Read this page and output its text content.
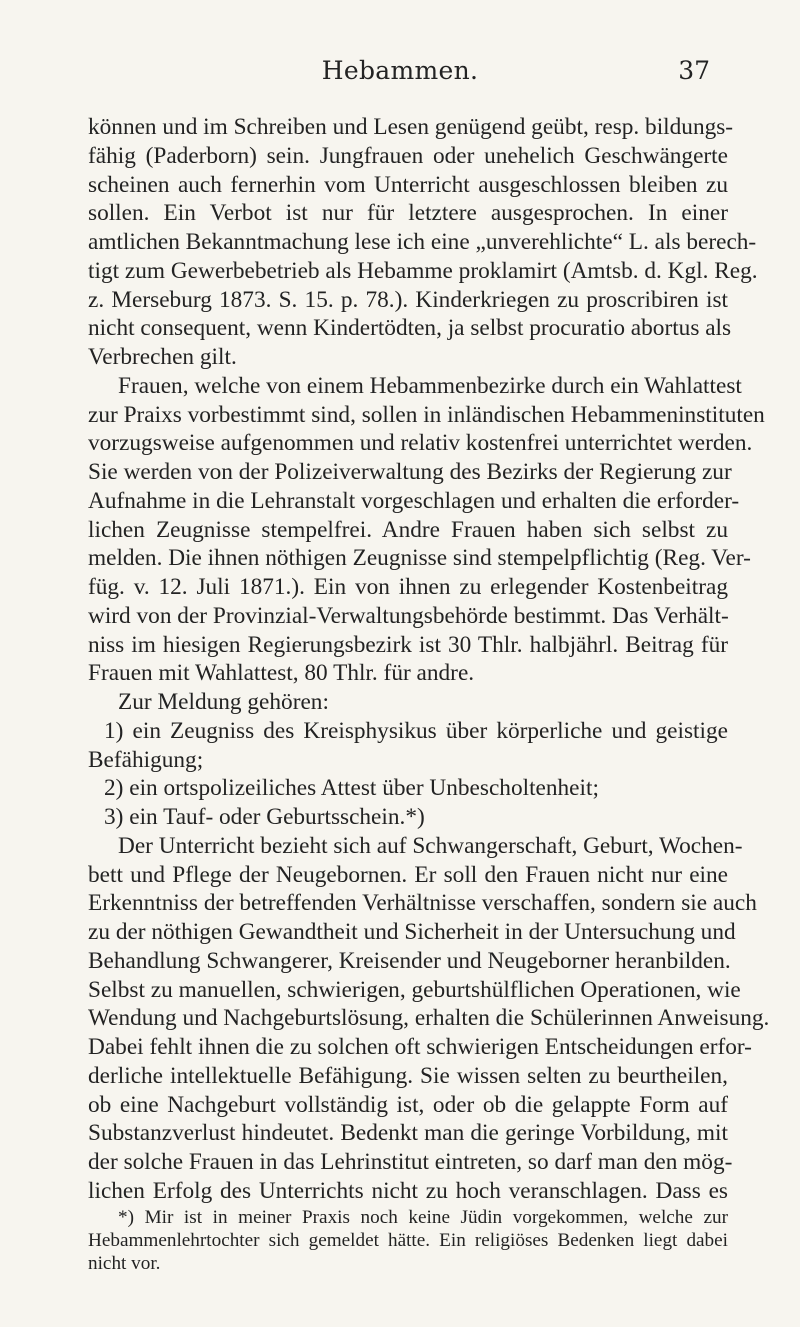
Hebammen.	37
können und im Schreiben und Lesen genügend geübt, resp. bildungs-
fähig (Paderborn) sein. Jungfrauen oder unehelich Geschwängerte
scheinen auch fernerhin vom Unterricht ausgeschlossen bleiben zu
sollen. Ein Verbot ist nur für letztere ausgesprochen. In einer
amtlichen Bekanntmachung lese ich eine „unverehlichte“ L. als berech-
tigt zum Gewerbebetrieb als Hebamme proklamirt (Amtsb. d. Kgl. Reg.
z. Merseburg 1873. S. 15. p. 78.). Kinderkriegen zu proscribiren ist
nicht consequent, wenn Kindertödten, ja selbst procuratio abortus als
Verbrechen gilt.
Frauen, welche von einem Hebammenbezirke durch ein Wahlattest
zur Praixs vorbestimmt sind, sollen in inländischen Hebammeninstituten
vorzugsweise aufgenommen und relativ kostenfrei unterrichtet werden.
Sie werden von der Polizeiverwaltung des Bezirks der Regierung zur
Aufnahme in die Lehranstalt vorgeschlagen und erhalten die erforder-
lichen Zeugnisse stempelfrei. Andre Frauen haben sich selbst zu
melden. Die ihnen nöthigen Zeugnisse sind stempelpflichtig (Reg. Ver-
füg. v. 12. Juli 1871.). Ein von ihnen zu erlegender Kostenbeitrag
wird von der Provinzial-Verwaltungsbehörde bestimmt. Das Verhält-
niss im hiesigen Regierungsbezirk ist 30 Thlr. halbjährl. Beitrag für
Frauen mit Wahlattest, 80 Thlr. für andre.
Zur Meldung gehören:
1) ein Zeugniss des Kreisphysikus über körperliche und geistige
Befähigung;
2) ein ortspolizeiliches Attest über Unbescholtenheit;
3) ein Tauf- oder Geburtsschein.*)
Der Unterricht bezieht sich auf Schwangerschaft, Geburt, Wochen-
bett und Pflege der Neugebornen. Er soll den Frauen nicht nur eine
Erkenntniss der betreffenden Verhältnisse verschaffen, sondern sie auch
zu der nöthigen Gewandtheit und Sicherheit in der Untersuchung und
Behandlung Schwangerer, Kreisender und Neugeborner heranbilden.
Selbst zu manuellen, schwierigen, geburtshülflichen Operationen, wie
Wendung und Nachgeburtslösung, erhalten die Schülerinnen Anweisung.
Dabei fehlt ihnen die zu solchen oft schwierigen Entscheidungen erfor-
derliche intellektuelle Befähigung. Sie wissen selten zu beurtheilen,
ob eine Nachgeburt vollständig ist, oder ob die gelappte Form auf
Substanzverlust hindeutet. Bedenkt man die geringe Vorbildung, mit
der solche Frauen in das Lehrinstitut eintreten, so darf man den mög-
lichen Erfolg des Unterrichts nicht zu hoch veranschlagen. Dass es
*) Mir ist in meiner Praxis noch keine Jüdin vorgekommen, welche zur
Hebammenlehrtochter sich gemeldet hätte. Ein religiöses Bedenken liegt dabei
nicht vor.
